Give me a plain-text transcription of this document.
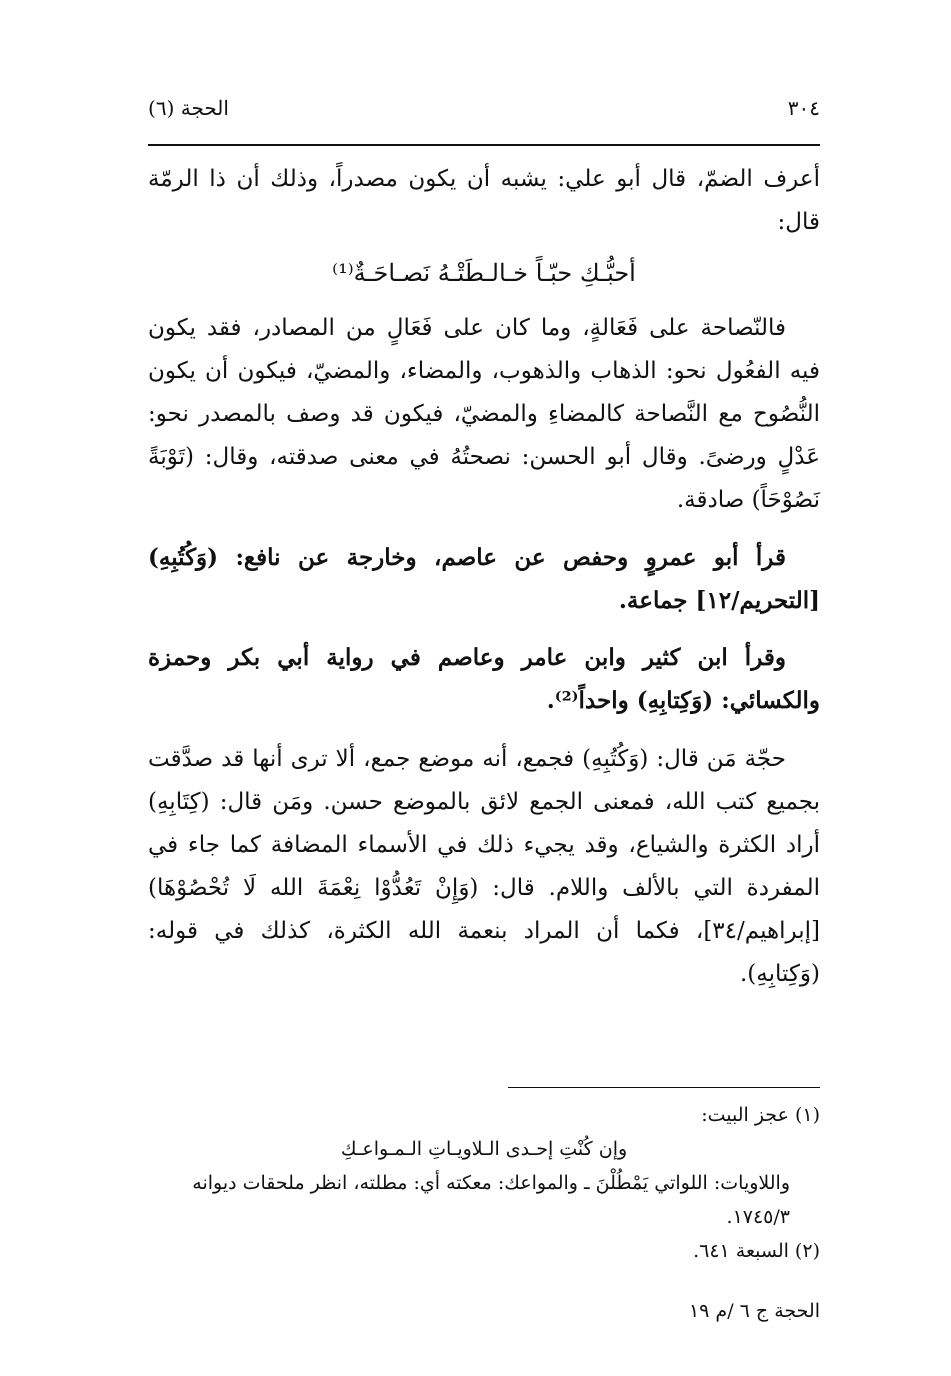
٣٠٤
الحجة (٦)

أعرف الضمّ، قال أبو علي: يشبه أن يكون مصدراً، وذلك أن ذا الرمّة قال:

أحبُّـكِ حبّـاً خـالـطَتْـهُ نَصـاحَـةٌ⁽¹⁾

فالنّصاحة على فَعَالةٍ، وما كان على فَعَالٍ من المصادر، فقد يكون فيه الفعُول نحو: الذهاب والذهوب، والمضاء، والمضيّ، فيكون أن يكون النُّصُوح مع النَّصاحة كالمضاءِ والمضيّ، فيكون قد وصف بالمصدر نحو: عَدْلٍ ورضىً. وقال أبو الحسن: نصحتُهُ في معنى صدقته، وقال: (تَوْبَةً نَصُوْحَاً) صادقة.

قرأ أبو عمروٍ وحفص عن عاصم، وخارجة عن نافع: (وَكُتُبِهِ) [التحريم/١٢] جماعة.

وقرأ ابن كثير وابن عامر وعاصم في رواية أبي بكر وحمزة والكسائي: (وَكِتابِهِ) واحداً⁽²⁾.

حجّة مَن قال: (وَكُتُبِهِ) فجمع، أنه موضع جمع، ألا ترى أنها قد صدَّقت بجميع كتب الله، فمعنى الجمع لائق بالموضع حسن. ومَن قال: (كِتَابِهِ) أراد الكثرة والشياع، وقد يجيء ذلك في الأسماء المضافة كما جاء في المفردة التي بالألف واللام. قال: (وَإِنْ تَعُدُّوْا نِعْمَةَ الله لَا تُحْصُوْهَا) [إبراهيم/٣٤]، فكما أن المراد بنعمة الله الكثرة، كذلك في قوله: (وَكِتابِهِ).

(١) عجز البيت:

وإن كُنْتِ إحـدى الـلاويـاتِ الـمـواعـكِ

واللاويات: اللواتي يَمْطُلْنَ ـ والمواعك: معكته أي: مطلته، انظر ملحقات ديوانه ١٧٤٥/٣.

(٢) السبعة ٦٤١.

الحجة ج ٦ /م ١٩
